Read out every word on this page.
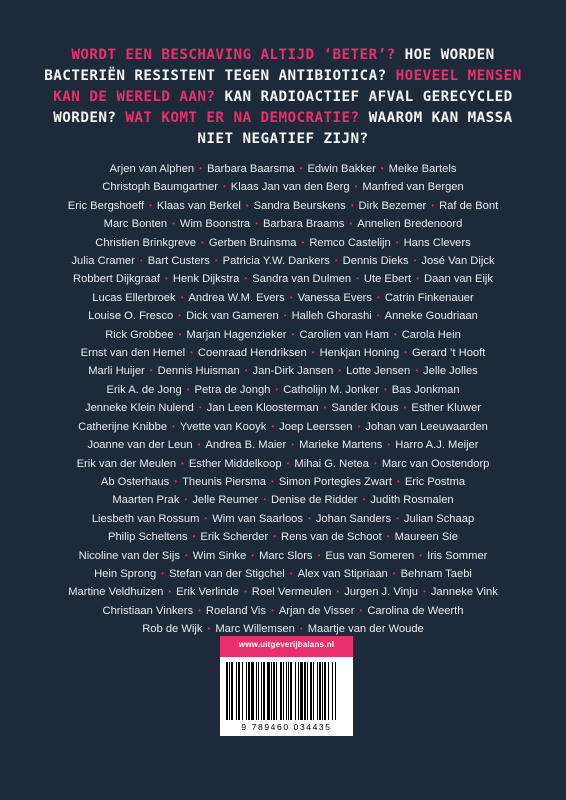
WORDT EEN BESCHAVING ALTIJD ‘BETER’? HOE WORDEN BACTERIËN RESISTENT TEGEN ANTIBIOTICA? HOEVEEL MENSEN KAN DE WERELD AAN? KAN RADIOACTIEF AFVAL GERECYCLED WORDEN? WAT KOMT ER NA DEMOCRATIE? WAAROM KAN MASSA NIET NEGATIEF ZIJN?
Arjen van Alphen • Barbara Baarsma • Edwin Bakker • Meike Bartels
Christoph Baumgartner • Klaas Jan van den Berg • Manfred van Bergen
Eric Bergshoeff • Klaas van Berkel • Sandra Beurskens • Dirk Bezemer • Raf de Bont
Marc Bonten • Wim Boonstra • Barbara Braams • Annelien Bredenoord
Christien Brinkgreve • Gerben Bruinsma • Remco Castelijn • Hans Clevers
Julia Cramer • Bart Custers • Patricia Y.W. Dankers • Dennis Dieks • José Van Dijck
Robbert Dijkgraaf • Henk Dijkstra • Sandra van Dulmen • Ute Ebert • Daan van Eijk
Lucas Ellerbroek • Andrea W.M. Evers • Vanessa Evers • Catrin Finkenauer
Louise O. Fresco • Dick van Gameren • Halleh Ghorashi • Anneke Goudriaan
Rick Grobbee • Marjan Hagenzieker • Carolien van Ham • Carola Hein
Ernst van den Hemel • Coenraad Hendriksen • Henkjan Honing • Gerard ’t Hooft
Marli Huijer • Dennis Huisman • Jan-Dirk Jansen • Lotte Jensen • Jelle Jolles
Erik A. de Jong • Petra de Jongh • Catholijn M. Jonker • Bas Jonkman
Jenneke Klein Nulend • Jan Leen Kloosterman • Sander Klous • Esther Kluwer
Catherijne Knibbe • Yvette van Kooyk • Joep Leerssen • Johan van Leeuwaarden
Joanne van der Leun • Andrea B. Maier • Marieke Martens • Harro A.J. Meijer
Erik van der Meulen • Esther Middelkoop • Mihai G. Netea • Marc van Oostendorp
Ab Osterhaus • Theunis Piersma • Simon Portegies Zwart • Eric Postma
Maarten Prak • Jelle Reumer • Denise de Ridder • Judith Rosmalen
Liesbeth van Rossum • Wim van Saarloos • Johan Sanders • Julian Schaap
Philip Scheltens • Erik Scherder • Rens van de Schoot • Maureen Sie
Nicoline van der Sijs • Wim Sinke • Marc Slors • Eus van Someren • Iris Sommer
Hein Sprong • Stefan van der Stigchel • Alex van Stipriaan • Behnam Taebi
Martine Veldhuizen • Erik Verlinde • Roel Vermeulen • Jurgen J. Vinju • Janneke Vink
Christiaan Vinkers • Roeland Vis • Arjan de Visser • Carolina de Weerth
Rob de Wijk • Marc Willemsen • Maartje van der Woude
www.uitgeverijbalans.nl
9 789460 034435
